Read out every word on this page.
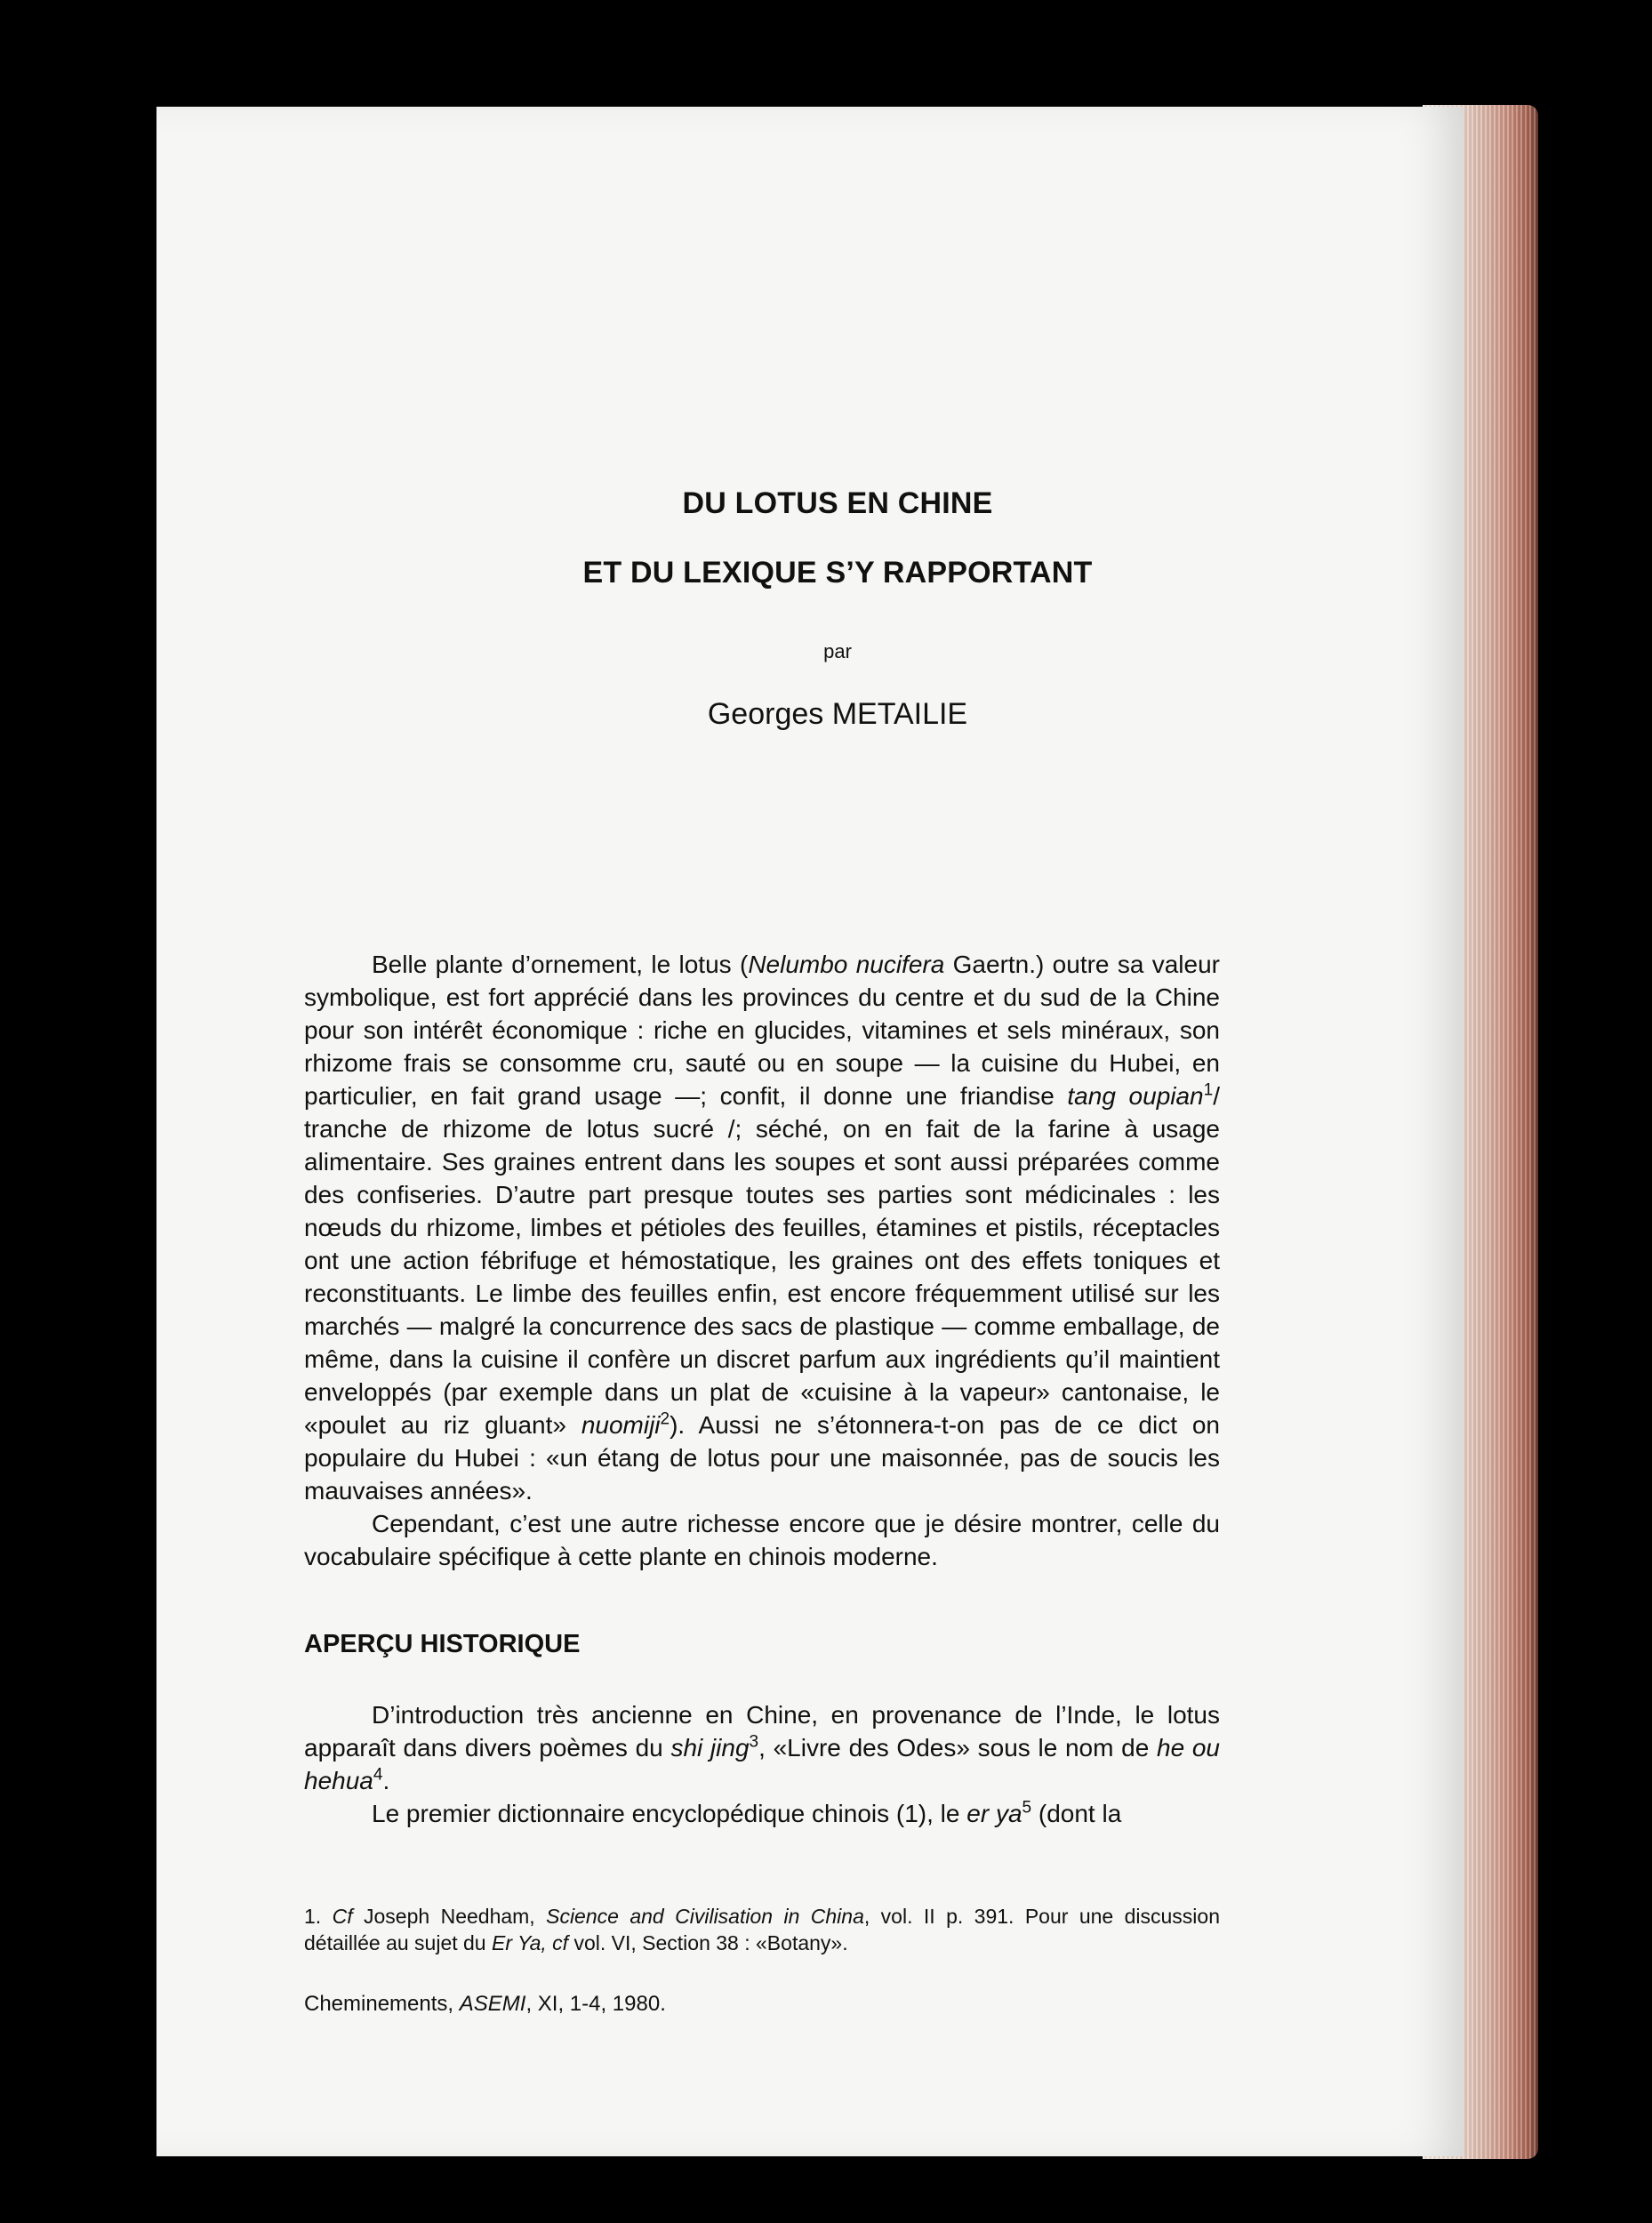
DU LOTUS EN CHINE
ET DU LEXIQUE S’Y RAPPORTANT
par
Georges METAILIE

Belle plante d’ornement, le lotus (Nelumbo nucifera Gaertn.) outre sa valeur symbolique, est fort apprécié dans les provinces du centre et du sud de la Chine pour son intérêt économique : riche en glucides, vitamines et sels minéraux, son rhizome frais se consomme cru, sauté ou en soupe — la cuisine du Hubei, en particulier, en fait grand usage —; confit, il donne une friandise tang oupian$^1$/ tranche de rhizome de lotus sucré /; séché, on en fait de la farine à usage alimentaire. Ses graines entrent dans les soupes et sont aussi préparées comme des confiseries. D’autre part presque toutes ses parties sont médicinales : les nœuds du rhizome, limbes et pétioles des feuilles, étamines et pistils, réceptacles ont une action fébrifuge et hémostatique, les graines ont des effets toniques et reconstituants. Le limbe des feuilles enfin, est encore fréquemment utilisé sur les marchés — malgré la concurrence des sacs de plastique — comme emballage, de même, dans la cuisine il confère un discret parfum aux ingrédients qu’il maintient enveloppés (par exemple dans un plat de «cuisine à la vapeur» cantonaise, le «poulet au riz gluant» nuomiji$^2$). Aussi ne s’étonnera-t-on pas de ce dict on populaire du Hubei : «un étang de lotus pour une maisonnée, pas de soucis les mauvaises années».

Cependant, c’est une autre richesse encore que je désire montrer, celle du vocabulaire spécifique à cette plante en chinois moderne.

APERÇU HISTORIQUE

D’introduction très ancienne en Chine, en provenance de l’Inde, le lotus apparaît dans divers poèmes du shi jing$^3$, «Livre des Odes» sous le nom de he ou hehua$^4$.

Le premier dictionnaire encyclopédique chinois (1), le er $ya^5$ (dont la

1. Cf Joseph Needham, Science and Civilisation in China, vol. II p. 391. Pour une discussion détaillée au sujet du Er Ya, cf vol. VI, Section 38 : «Botany».
Cheminements, ASEMI, XI, 1-4, 1980.
